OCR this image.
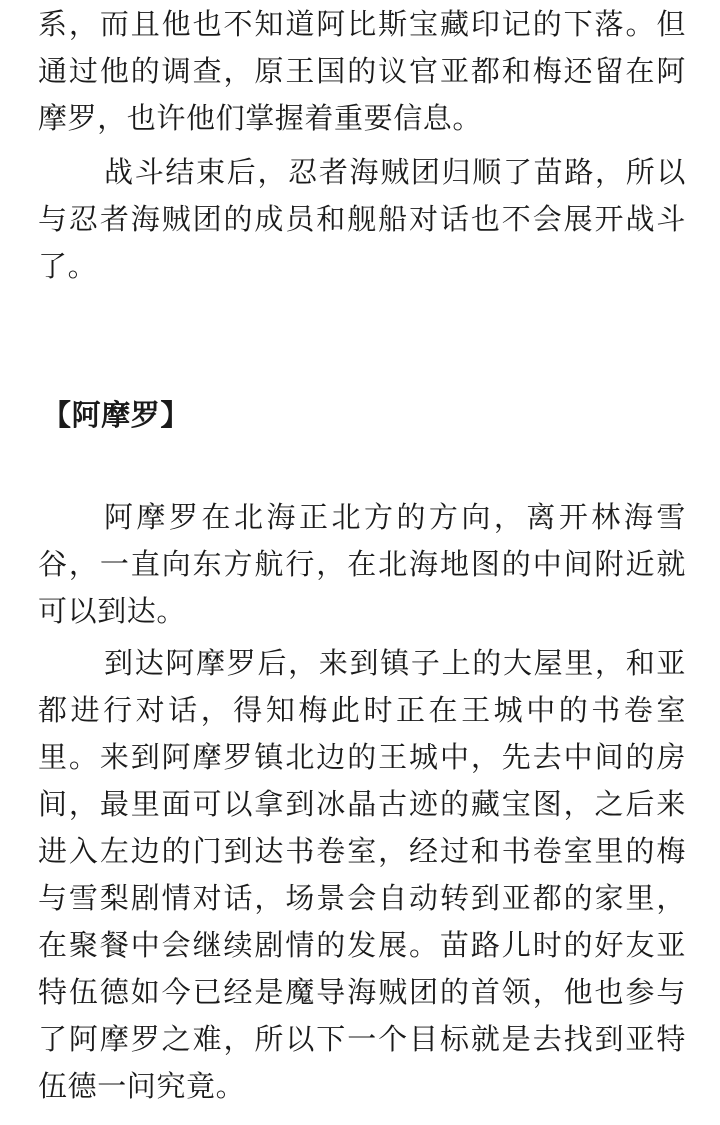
系，而且他也不知道阿比斯宝藏印记的下落。但通过他的调查，原王国的议官亚都和梅还留在阿摩罗，也许他们掌握着重要信息。

战斗结束后，忍者海贼团归顺了苗路，所以与忍者海贼团的成员和舰船对话也不会展开战斗了。

【阿摩罗】

阿摩罗在北海正北方的方向，离开林海雪谷，一直向东方航行，在北海地图的中间附近就可以到达。

到达阿摩罗后，来到镇子上的大屋里，和亚都进行对话，得知梅此时正在王城中的书卷室里。来到阿摩罗镇北边的王城中，先去中间的房间，最里面可以拿到冰晶古迹的藏宝图，之后来进入左边的门到达书卷室，经过和书卷室里的梅与雪梨剧情对话，场景会自动转到亚都的家里，在聚餐中会继续剧情的发展。苗路儿时的好友亚特伍德如今已经是魔导海贼团的首领，他也参与了阿摩罗之难，所以下一个目标就是去找到亚特伍德一问究竟。
